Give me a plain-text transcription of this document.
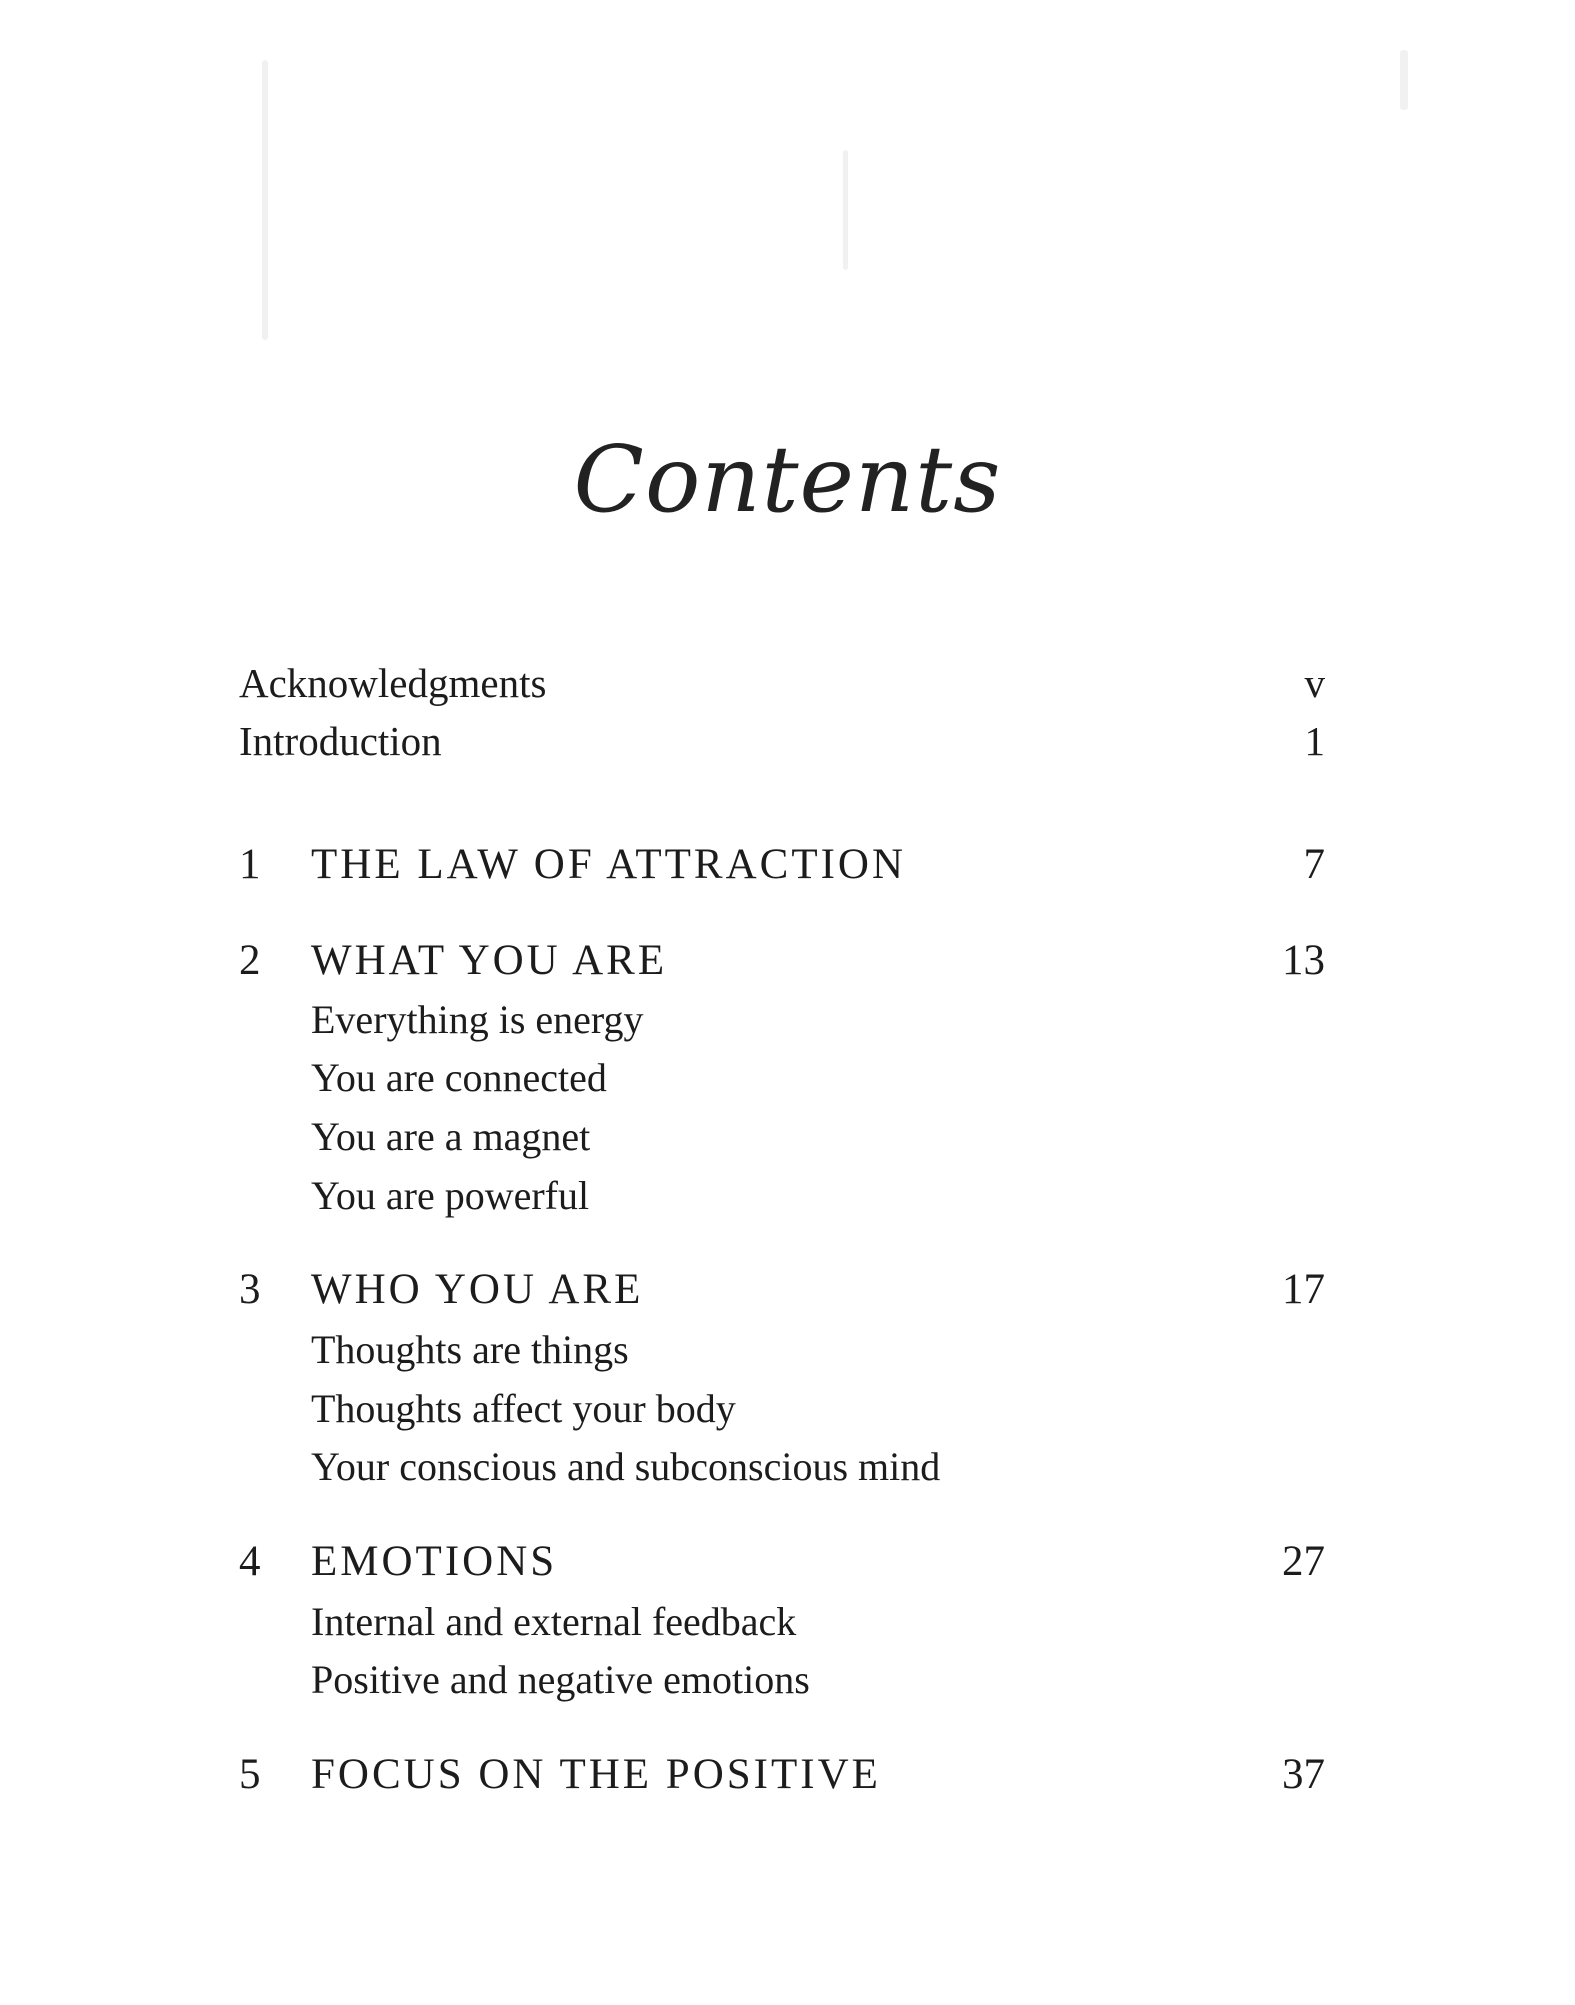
Contents
Acknowledgments	v
Introduction	1
1 THE LAW OF ATTRACTION	7
2 WHAT YOU ARE	13
Everything is energy
You are connected
You are a magnet
You are powerful
3 WHO YOU ARE	17
Thoughts are things
Thoughts affect your body
Your conscious and subconscious mind
4 EMOTIONS	27
Internal and external feedback
Positive and negative emotions
5 FOCUS ON THE POSITIVE	37
